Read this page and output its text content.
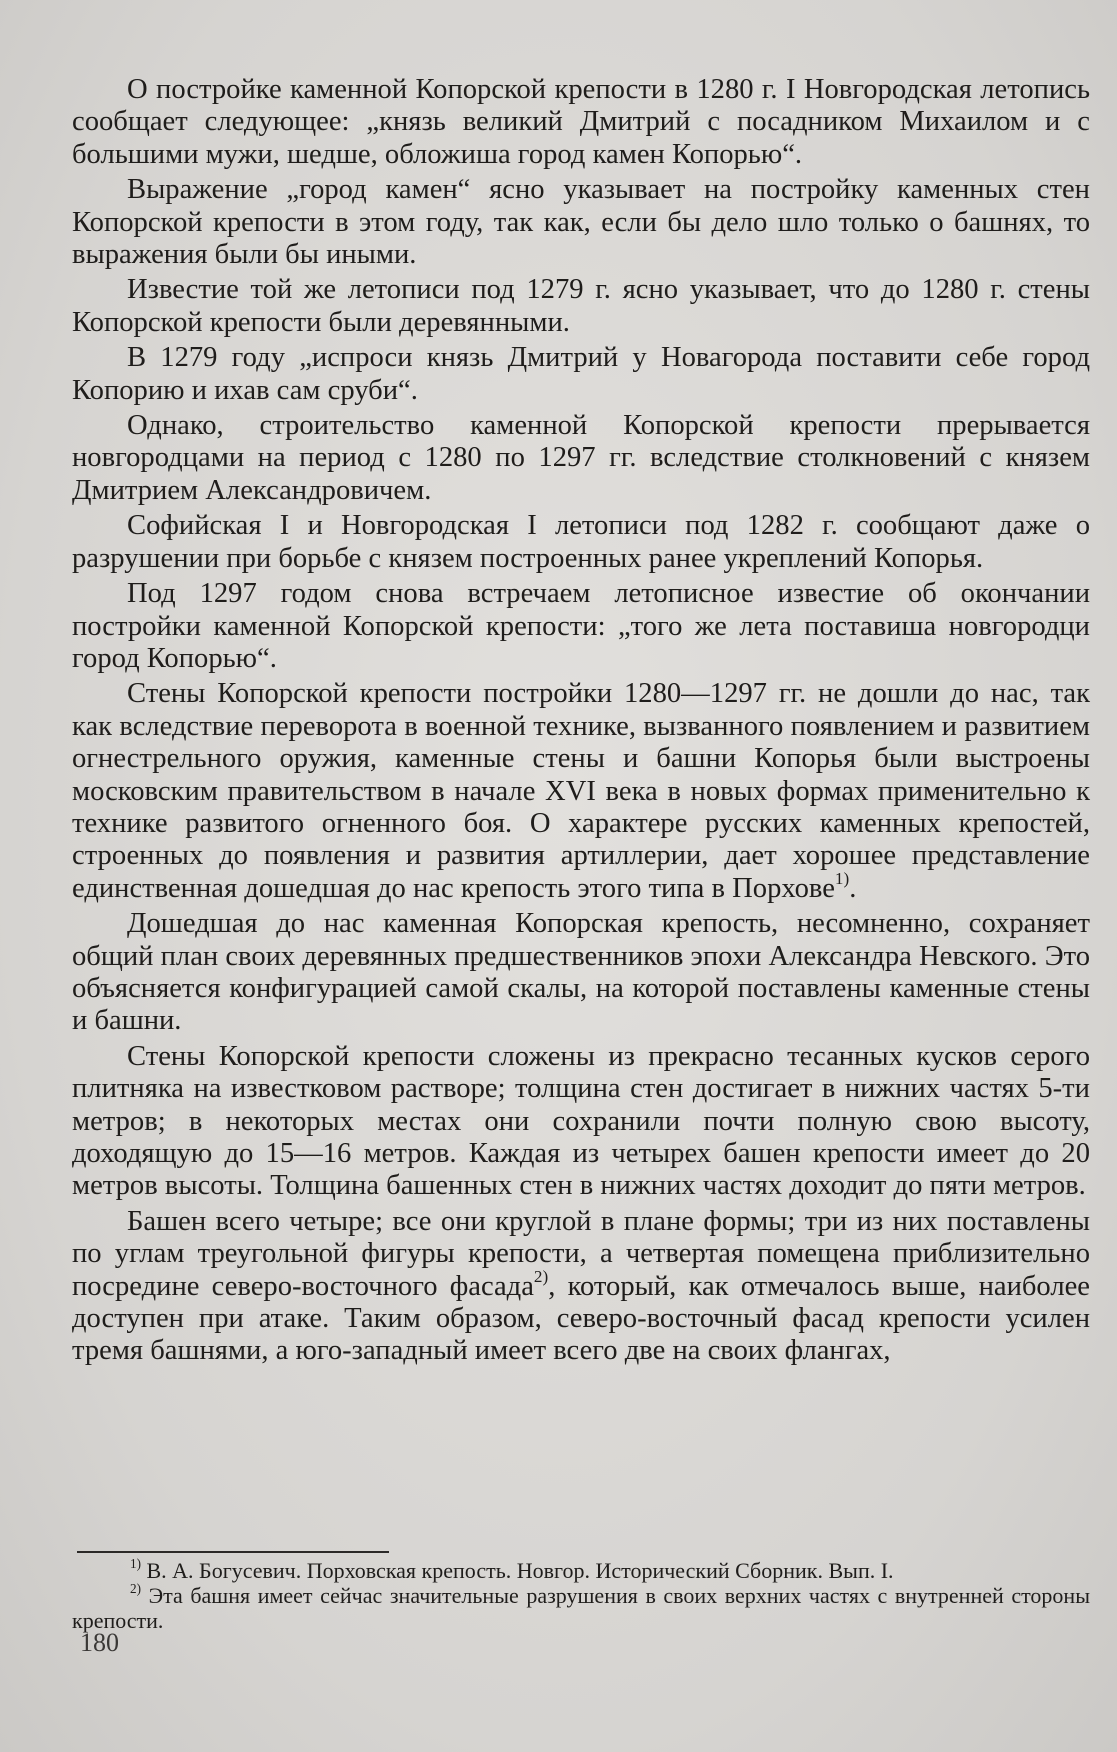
О постройке каменной Копорской крепости в 1280 г. I Новгородская летопись сообщает следующее: „князь великий Дмитрий с посадником Михаилом и с большими мужи, шедше, обложиша город камен Копорью“.

Выражение „город камен“ ясно указывает на постройку каменных стен Копорской крепости в этом году, так как, если бы дело шло только о башнях, то выражения были бы иными.

Известие той же летописи под 1279 г. ясно указывает, что до 1280 г. стены Копорской крепости были деревянными.

В 1279 году „испроси князь Дмитрий у Новагорода поставити себе город Копорию и ихав сам сруби“.

Однако, строительство каменной Копорской крепости прерывается новгородцами на период с 1280 по 1297 гг. вследствие столкновений с князем Дмитрием Александровичем.

Софийская I и Новгородская I летописи под 1282 г. сообщают даже о разрушении при борьбе с князем построенных ранее укреплений Копорья.

Под 1297 годом снова встречаем летописное известие об окончании постройки каменной Копорской крепости: „того же лета поставиша новгородци город Копорью“.

Стены Копорской крепости постройки 1280—1297 гг. не дошли до нас, так как вследствие переворота в военной технике, вызванного появлением и развитием огнестрельного оружия, каменные стены и башни Копорья были выстроены московским правительством в начале XVI века в новых формах применительно к технике развитого огненного боя. О характере русских каменных крепостей, строенных до появления и развития артиллерии, дает хорошее представление единственная дошедшая до нас крепость этого типа в Порхове$^{1)}$.

Дошедшая до нас каменная Копорская крепость, несомненно, сохраняет общий план своих деревянных предшественников эпохи Александра Невского. Это объясняется конфигурацией самой скалы, на которой поставлены каменные стены и башни.

Стены Копорской крепости сложены из прекрасно тесанных кусков серого плитняка на известковом растворе; толщина стен достигает в нижних частях 5-ти метров; в некоторых местах они сохранили почти полную свою высоту, доходящую до 15—16 метров. Каждая из четырех башен крепости имеет до 20 метров высоты. Толщина башенных стен в нижних частях доходит до пяти метров.

Башен всего четыре; все они круглой в плане формы; три из них поставлены по углам треугольной фигуры крепости, а четвертая помещена приблизительно посредине северо-восточного фасада$^{2)}$, который, как отмечалось выше, наиболее доступен при атаке. Таким образом, северо-восточный фасад крепости усилен тремя башнями, а юго-западный имеет всего две на своих флангах,

$^{1)}$ В. А. Богусевич. Порховская крепость. Новгор. Исторический Сборник. Вып. I.

$^{2)}$ Эта башня имеет сейчас значительные разрушения в своих верхних частях с внутренней стороны крепости.

180
